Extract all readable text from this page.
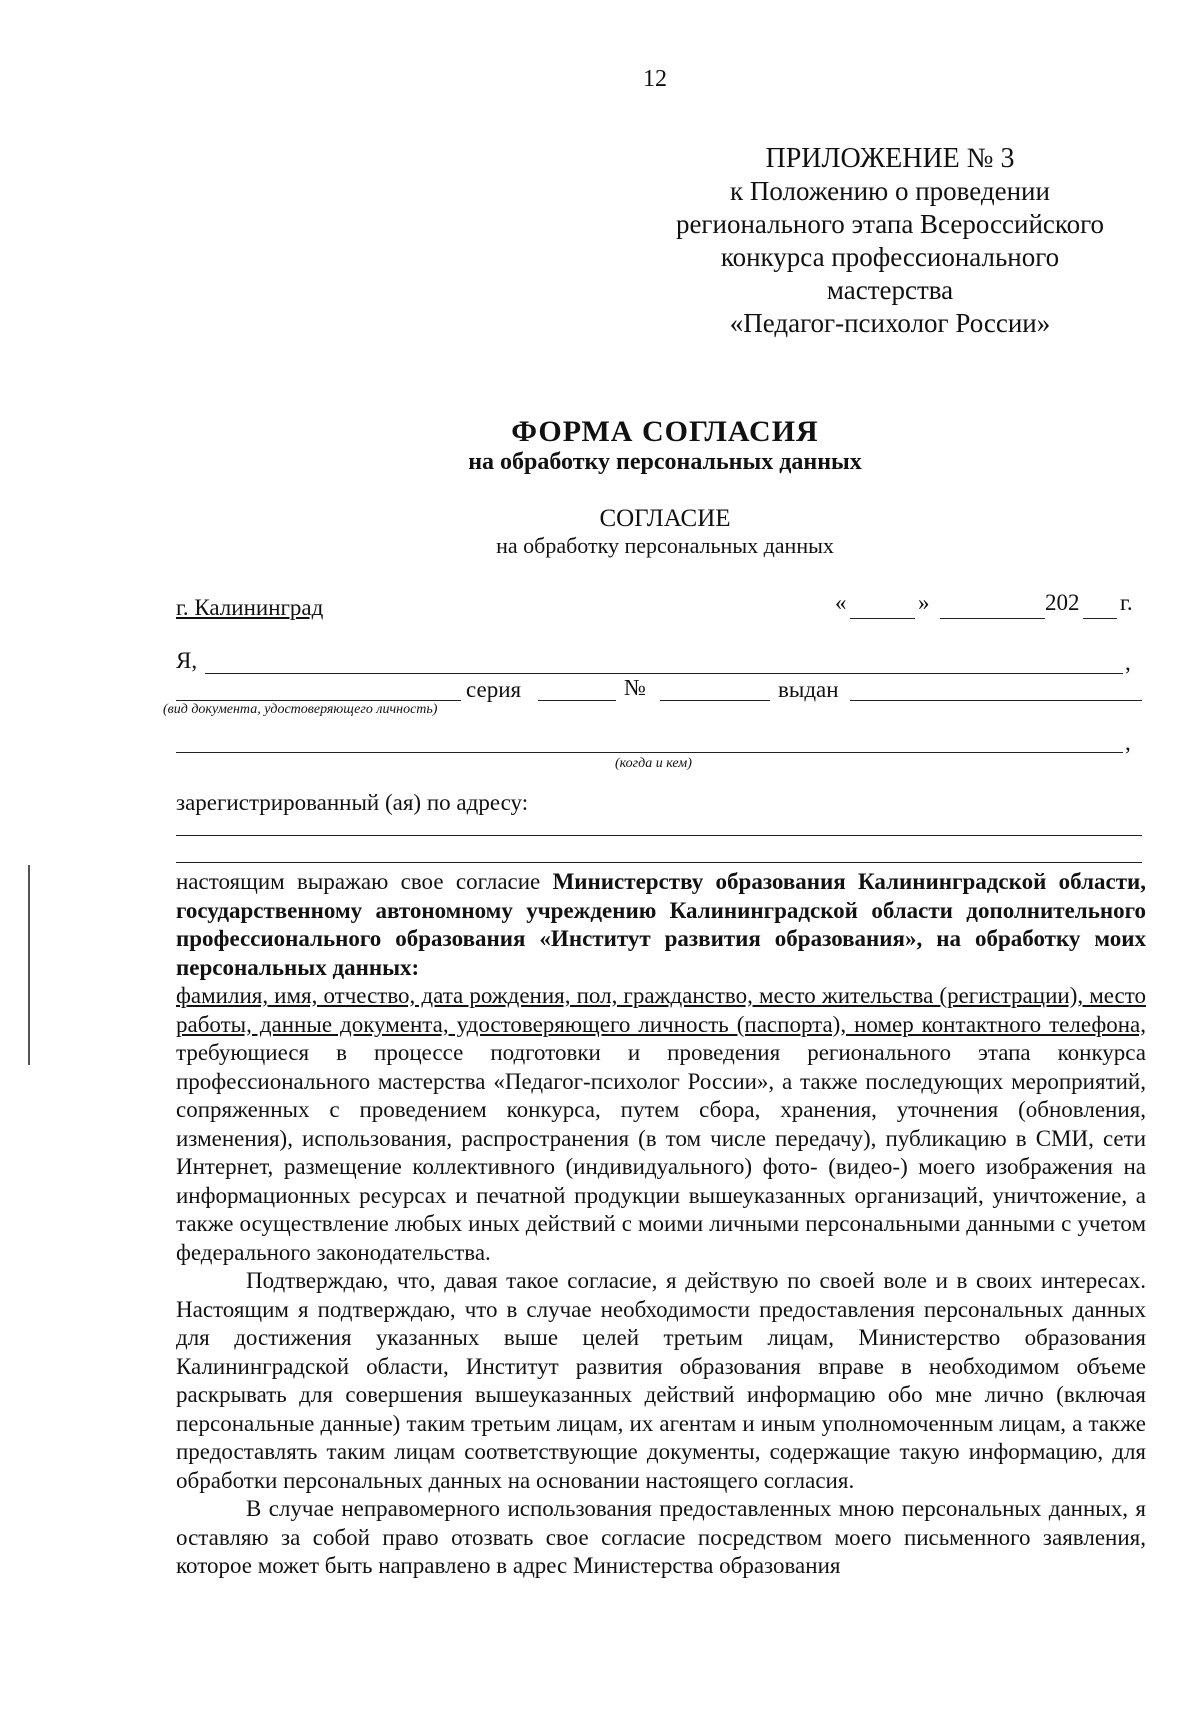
12
ПРИЛОЖЕНИЕ № 3
к Положению о проведении
регионального этапа Всероссийского
конкурса профессионального
мастерства
«Педагог-психолог России»
ФОРМА СОГЛАСИЯ
на обработку персональных данных
СОГЛАСИЕ
на обработку персональных данных
г. Калининград	«	»	202 г.
Я,	,
серия	№	выдан
(вид документа, удостоверяющего личность)
,
(когда и кем)
зарегистрированный (ая) по адресу:

настоящим выражаю свое согласие Министерству образования Калининградской области, государственному автономному учреждению Калининградской области дополнительного профессионального образования «Институт развития образования», на обработку моих персональных данных:
фамилия, имя, отчество, дата рождения, пол, гражданство, место жительства (регистрации), место работы, данные документа, удостоверяющего личность (паспорта), номер контактного телефона, требующиеся в процессе подготовки и проведения регионального этапа конкурса профессионального мастерства «Педагог-психолог России», а также последующих мероприятий, сопряженных с проведением конкурса, путем сбора, хранения, уточнения (обновления, изменения), использования, распространения (в том числе передачу), публикацию в СМИ, сети Интернет, размещение коллективного (индивидуального) фото- (видео-) моего изображения на информационных ресурсах и печатной продукции вышеуказанных организаций, уничтожение, а также осуществление любых иных действий с моими личными персональными данными с учетом федерального законодательства.

Подтверждаю, что, давая такое согласие, я действую по своей воле и в своих интересах. Настоящим я подтверждаю, что в случае необходимости предоставления персональных данных для достижения указанных выше целей третьим лицам, Министерство образования Калининградской области, Институт развития образования вправе в необходимом объеме раскрывать для совершения вышеуказанных действий информацию обо мне лично (включая персональные данные) таким третьим лицам, их агентам и иным уполномоченным лицам, а также предоставлять таким лицам соответствующие документы, содержащие такую информацию, для обработки персональных данных на основании настоящего согласия.

В случае неправомерного использования предоставленных мною персональных данных, я оставляю за собой право отозвать свое согласие посредством моего письменного заявления, которое может быть направлено в адрес Министерства образования
